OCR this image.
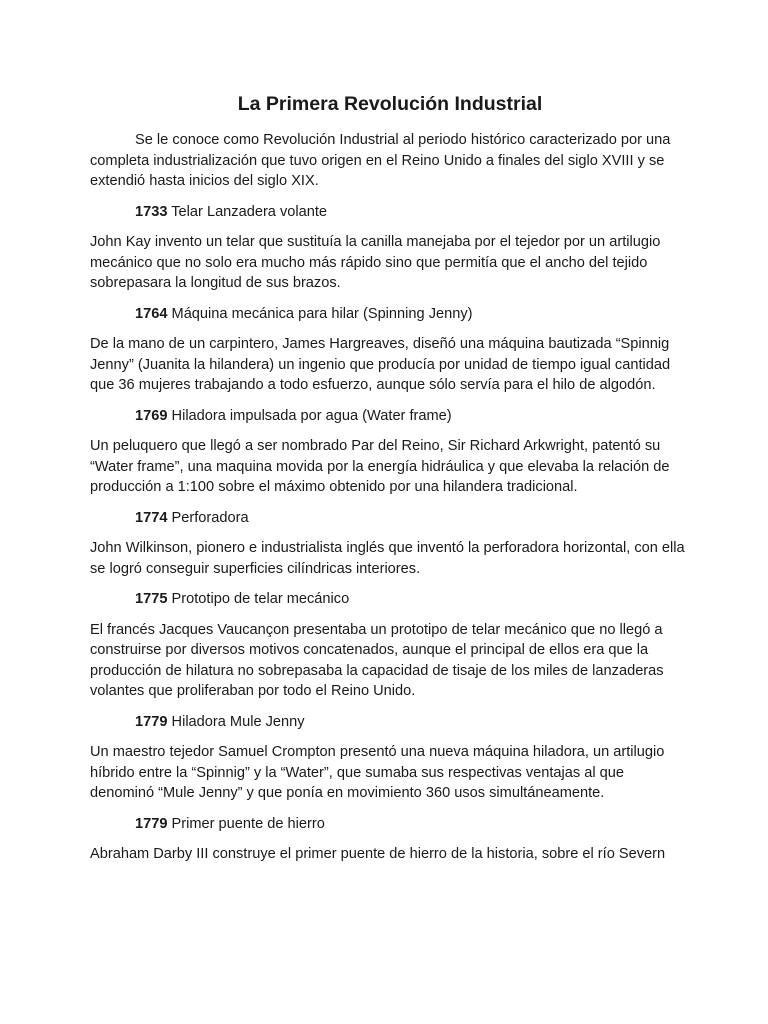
La Primera Revolución Industrial

Se le conoce como Revolución Industrial al periodo histórico caracterizado por una completa industrialización que tuvo origen en el Reino Unido a finales del siglo XVIII y se extendió hasta inicios del siglo XIX.

1733 Telar Lanzadera volante

John Kay invento un telar que sustituía la canilla manejaba por el tejedor por un artilugio mecánico que no solo era mucho más rápido sino que permitía que el ancho del tejido sobrepasara la longitud de sus brazos.

1764 Máquina mecánica para hilar (Spinning Jenny)

De la mano de un carpintero, James Hargreaves, diseñó una máquina bautizada “Spinnig Jenny” (Juanita la hilandera) un ingenio que producía por unidad de tiempo igual cantidad que 36 mujeres trabajando a todo esfuerzo, aunque sólo servía para el hilo de algodón.

1769 Hiladora impulsada por agua (Water frame)

Un peluquero que llegó a ser nombrado Par del Reino, Sir Richard Arkwright, patentó su “Water frame”, una maquina movida por la energía hidráulica y que elevaba la relación de producción a 1:100 sobre el máximo obtenido por una hilandera tradicional.

1774 Perforadora

John Wilkinson, pionero e industrialista inglés que inventó la perforadora horizontal, con ella se logró conseguir superficies cilíndricas interiores.

1775 Prototipo de telar mecánico

El francés Jacques Vaucançon presentaba un prototipo de telar mecánico que no llegó a construirse por diversos motivos concatenados, aunque el principal de ellos era que la producción de hilatura no sobrepasaba la capacidad de tisaje de los miles de lanzaderas volantes que proliferaban por todo el Reino Unido.

1779 Hiladora Mule Jenny

Un maestro tejedor Samuel Crompton presentó una nueva máquina hiladora, un artilugio híbrido entre la “Spinnig” y la “Water”, que sumaba sus respectivas ventajas al que denominó “Mule Jenny” y que ponía en movimiento 360 usos simultáneamente.

1779 Primer puente de hierro

Abraham Darby III construye el primer puente de hierro de la historia, sobre el río Severn
